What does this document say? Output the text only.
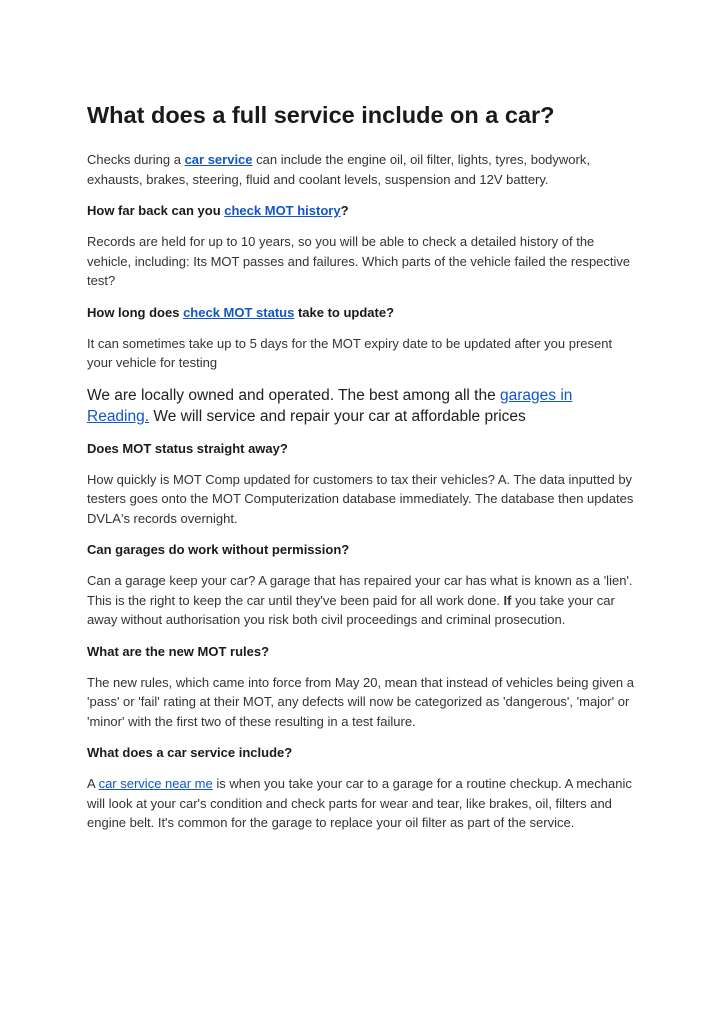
What does a full service include on a car?

Checks during a car service can include the engine oil, oil filter, lights, tyres, bodywork, exhausts, brakes, steering, fluid and coolant levels, suspension and 12V battery.

How far back can you check MOT history?

Records are held for up to 10 years, so you will be able to check a detailed history of the vehicle, including: Its MOT passes and failures. Which parts of the vehicle failed the respective test?

How long does check MOT status take to update?

It can sometimes take up to 5 days for the MOT expiry date to be updated after you present your vehicle for testing

We are locally owned and operated. The best among all the garages in Reading. We will service and repair your car at affordable prices

Does MOT status straight away?

How quickly is MOT Comp updated for customers to tax their vehicles? A. The data inputted by testers goes onto the MOT Computerization database immediately. The database then updates DVLA's records overnight.

Can garages do work without permission?

Can a garage keep your car? A garage that has repaired your car has what is known as a 'lien'. This is the right to keep the car until they've been paid for all work done. If you take your car away without authorisation you risk both civil proceedings and criminal prosecution.

What are the new MOT rules?

The new rules, which came into force from May 20, mean that instead of vehicles being given a 'pass' or 'fail' rating at their MOT, any defects will now be categorized as 'dangerous', 'major' or 'minor' with the first two of these resulting in a test failure.

What does a car service include?

A car service near me is when you take your car to a garage for a routine checkup. A mechanic will look at your car's condition and check parts for wear and tear, like brakes, oil, filters and engine belt. It's common for the garage to replace your oil filter as part of the service.
